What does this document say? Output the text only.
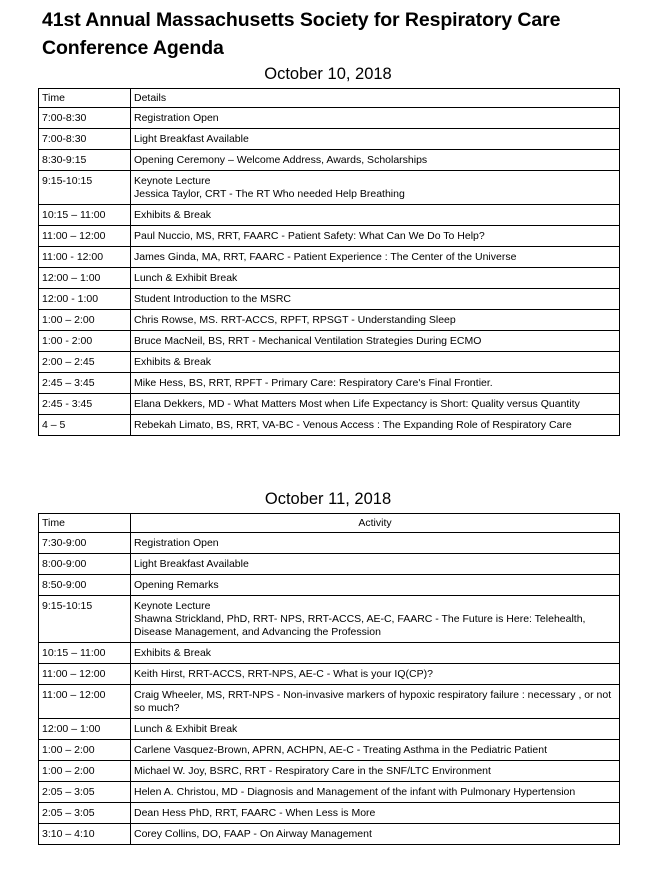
41st Annual Massachusetts Society for Respiratory Care
Conference Agenda
October 10, 2018
Time	Details
7:00-8:30	Registration Open
7:00-8:30	Light Breakfast Available
8:30-9:15	Opening Ceremony – Welcome Address, Awards, Scholarships
9:15-10:15	Keynote Lecture
Jessica Taylor, CRT - The RT Who needed Help Breathing
10:15 – 11:00	Exhibits & Break
11:00 – 12:00	Paul Nuccio, MS, RRT, FAARC - Patient Safety: What Can We Do To Help?
11:00 - 12:00	James Ginda, MA, RRT, FAARC - Patient Experience : The Center of the Universe
12:00 – 1:00	Lunch & Exhibit Break
12:00 - 1:00	Student Introduction to the MSRC
1:00 – 2:00	Chris Rowse, MS. RRT-ACCS, RPFT, RPSGT - Understanding Sleep
1:00 - 2:00	Bruce MacNeil, BS, RRT - Mechanical Ventilation Strategies During ECMO
2:00 – 2:45	Exhibits & Break
2:45 – 3:45	Mike Hess, BS, RRT, RPFT - Primary Care: Respiratory Care's Final Frontier.
2:45 - 3:45	Elana Dekkers, MD - What Matters Most when Life Expectancy is Short: Quality versus Quantity
4 – 5	Rebekah Limato, BS, RRT, VA-BC - Venous Access : The Expanding Role of Respiratory Care
October 11, 2018
Time	Activity
7:30-9:00	Registration Open
8:00-9:00	Light Breakfast Available
8:50-9:00	Opening Remarks
9:15-10:15	Keynote Lecture
Shawna Strickland, PhD, RRT- NPS, RRT-ACCS, AE-C, FAARC - The Future is Here: Telehealth, Disease Management, and Advancing the Profession
10:15 – 11:00	Exhibits & Break
11:00 – 12:00	Keith Hirst, RRT-ACCS, RRT-NPS, AE-C - What is your IQ(CP)?
11:00 – 12:00	Craig Wheeler, MS, RRT-NPS - Non-invasive markers of hypoxic respiratory failure : necessary , or not so much?
12:00 – 1:00	Lunch & Exhibit Break
1:00 – 2:00	Carlene Vasquez-Brown, APRN, ACHPN, AE-C - Treating Asthma in the Pediatric Patient
1:00 – 2:00	Michael W. Joy, BSRC, RRT - Respiratory Care in the SNF/LTC Environment
2:05 – 3:05	Helen A. Christou, MD - Diagnosis and Management of the infant with Pulmonary Hypertension
2:05 – 3:05	Dean Hess PhD, RRT, FAARC - When Less is More
3:10 – 4:10	Corey Collins, DO, FAAP - On Airway Management
